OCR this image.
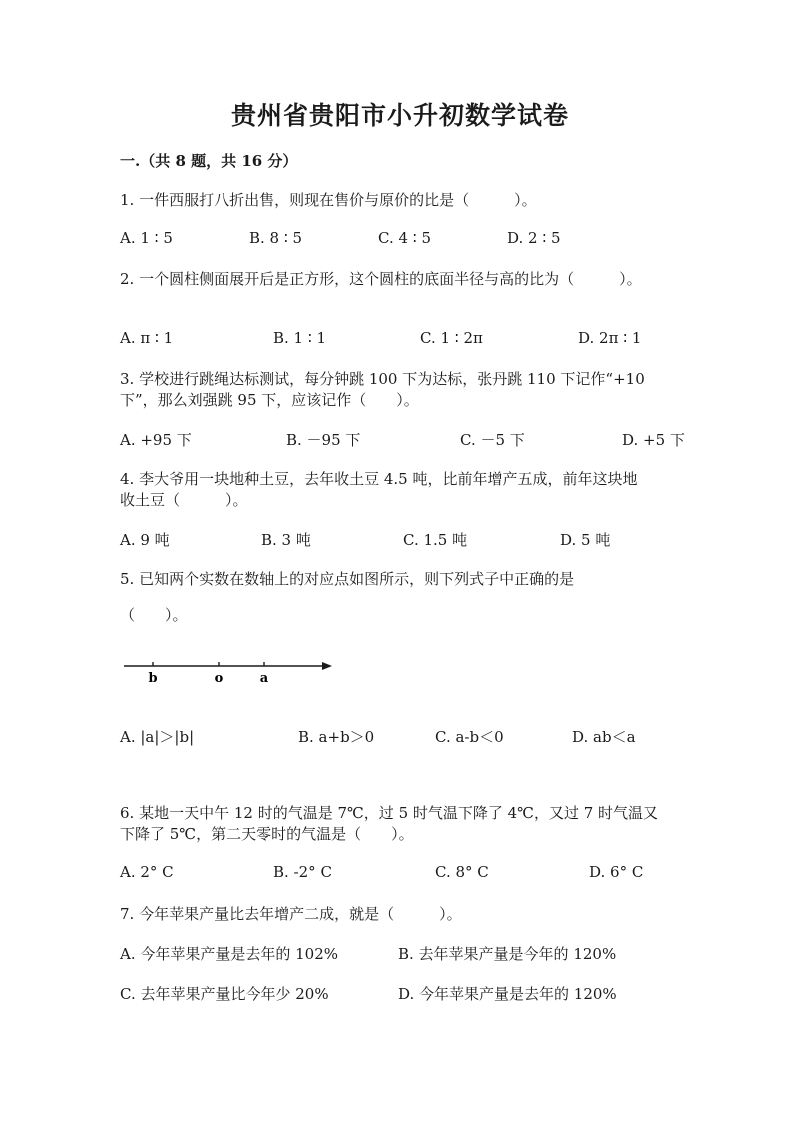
贵州省贵阳市小升初数学试卷
一.（共 8 题，共 16 分）
1. 一件西服打八折出售，则现在售价与原价的比是（　　　）。
A. 1 ∶ 5	B. 8 ∶ 5	C. 4 ∶ 5	D. 2 ∶ 5
2. 一个圆柱侧面展开后是正方形，这个圆柱的底面半径与高的比为（　　　）。
A. π ∶ 1	B. 1 ∶ 1	C. 1 ∶ 2π	D. 2π ∶ 1
3. 学校进行跳绳达标测试，每分钟跳 100 下为达标，张丹跳 110 下记作“+10
下”，那么刘强跳 95 下，应该记作（　　）。
A. +95 下	B. －95 下	C. －5 下	D. +5 下
4. 李大爷用一块地种土豆，去年收土豆 4.5 吨，比前年增产五成，前年这块地
收土豆（　　　）。
A. 9 吨	B. 3 吨	C. 1.5 吨	D. 5 吨
5. 已知两个实数在数轴上的对应点如图所示，则下列式子中正确的是
（　　）。
b	o	a
A. |a|＞|b|	B. a+b＞0	C. a-b＜0	D. ab＜a
6. 某地一天中午 12 时的气温是 7℃，过 5 时气温下降了 4℃，又过 7 时气温又
下降了 5℃，第二天零时的气温是（　　）。
A. 2° C	B. -2° C	C. 8° C	D. 6° C
7. 今年苹果产量比去年增产二成，就是（　　　）。
A. 今年苹果产量是去年的 102%	B. 去年苹果产量是今年的 120%
C. 去年苹果产量比今年少 20%	D. 今年苹果产量是去年的 120%
